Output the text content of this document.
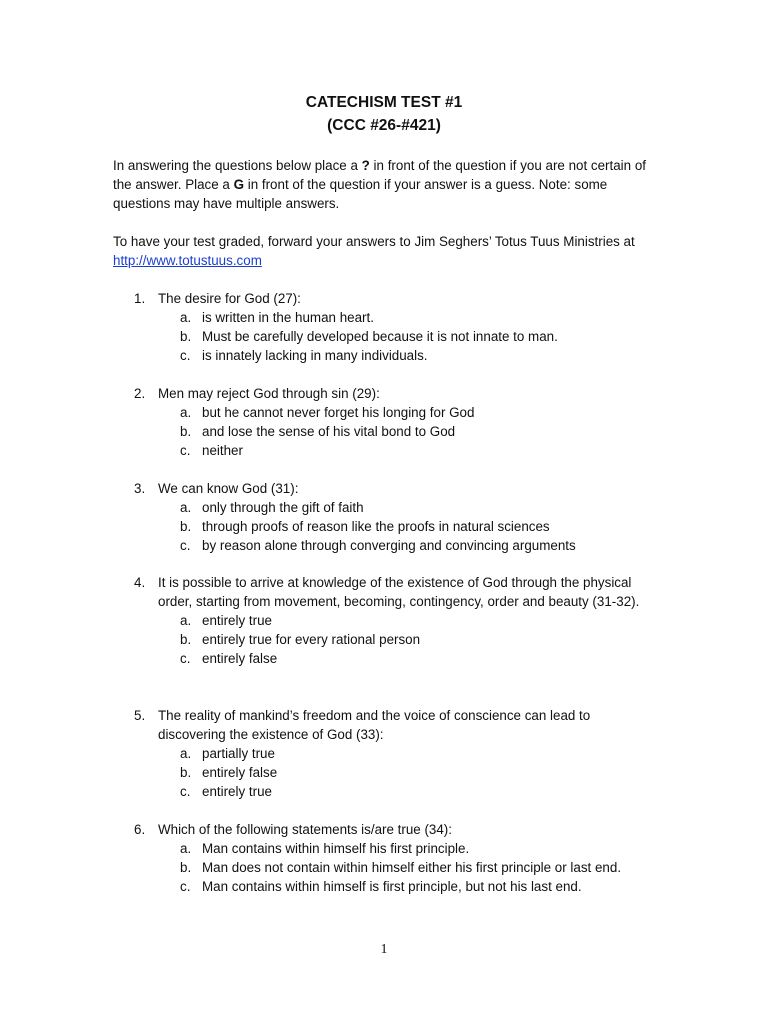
CATECHISM TEST #1
(CCC #26-#421)
In answering the questions below place a ? in front of the question if you are not certain of the answer. Place a G in front of the question if your answer is a guess. Note: some questions may have multiple answers.
To have your test graded, forward your answers to Jim Seghers’ Totus Tuus Ministries at
http://www.totustuus.com
1. The desire for God (27):
a. is written in the human heart.
b. Must be carefully developed because it is not innate to man.
c. is innately lacking in many individuals.
2. Men may reject God through sin (29):
a. but he cannot never forget his longing for God
b. and lose the sense of his vital bond to God
c. neither
3. We can know God (31):
a. only through the gift of faith
b. through proofs of reason like the proofs in natural sciences
c. by reason alone through converging and convincing arguments
4. It is possible to arrive at knowledge of the existence of God through the physical order, starting from movement, becoming, contingency, order and beauty (31-32).
a. entirely true
b. entirely true for every rational person
c. entirely false
5. The reality of mankind’s freedom and the voice of conscience can lead to discovering the existence of God (33):
a. partially true
b. entirely false
c. entirely true
6. Which of the following statements is/are true (34):
a. Man contains within himself his first principle.
b. Man does not contain within himself either his first principle or last end.
c. Man contains within himself is first principle, but not his last end.
1
